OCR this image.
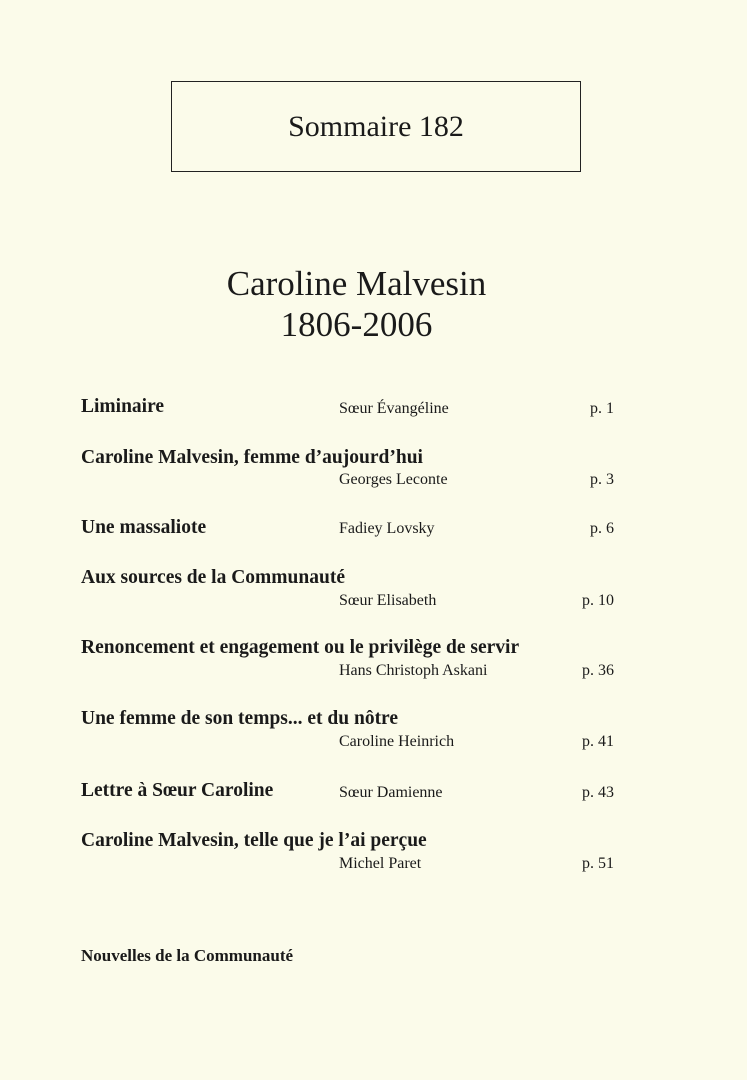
Sommaire 182
Caroline Malvesin
1806-2006
Liminaire	Sœur Évangéline	p. 1
Caroline Malvesin, femme d’aujourd’hui
Georges Leconte	p. 3
Une massaliote	Fadiey Lovsky	p. 6
Aux sources de la Communauté
Sœur Elisabeth	p. 10
Renoncement et engagement ou le privilège de servir
Hans Christoph Askani	p. 36
Une femme de son temps... et du nôtre
Caroline Heinrich	p. 41
Lettre à Sœur Caroline	Sœur Damienne	p. 43
Caroline Malvesin, telle que je l’ai perçue
Michel Paret	p. 51
Nouvelles de la Communauté
